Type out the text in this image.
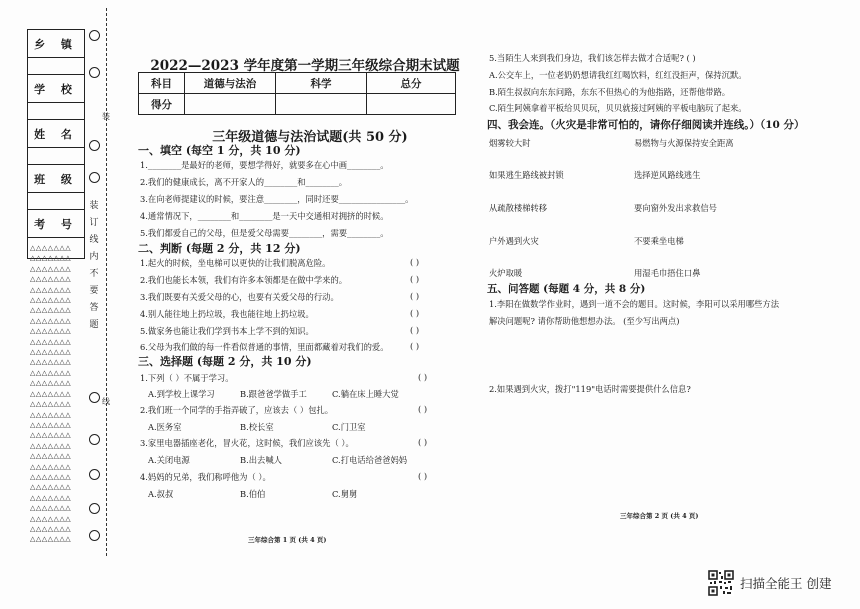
乡 镇
学 校
姓 名
班 级
考 号
△△△△△△△
△△△△△△△
△△△△△△△
△△△△△△△
△△△△△△△
△△△△△△△
△△△△△△△
△△△△△△△
△△△△△△△
△△△△△△△
△△△△△△△
△△△△△△△
△△△△△△△
△△△△△△△
△△△△△△△
△△△△△△△
△△△△△△△
△△△△△△△
△△△△△△△
△△△△△△△
△△△△△△△
△△△△△△△
△△△△△△△
△△△△△△△
△△△△△△△
△△△△△△△
△△△△△△△
△△△△△△△
△△△△△△△
装
线
装
订
线
内
不
要
答
题
2022—2023 学年度第一学期三年级综合期末试题
科目	道德与法治	科学	总分
得分			
三年级道德与法治试题(共 50 分)
一、填空 (每空 1 分，共 10 分)
1.________是最好的老师，要想学得好，就要多在心中画________。
2.我们的健康成长，离不开家人的________和________。
3.在向老师提建议的时候，要注意________，同时还要________________。
4.通常情况下，________和________是一天中交通相对拥挤的时候。
5.我们都爱自己的父母，但是爱父母需要________，需要________。
二、判断 (每题 2 分，共 12 分)
1.起火的时候，坐电梯可以更快的让我们脱离危险。	( )
2.我们也能长本领，我们有许多本领都是在做中学来的。	( )
3.我们既要有关爱父母的心，也要有关爱父母的行动。	( )
4.别人能往地上扔垃圾，我也能往地上扔垃圾。	( )
5.做家务也能让我们学到书本上学不到的知识。	( )
6.父母为我们做的每一件看似普通的事情，里面都藏着对我们的爱。	( )
三、选择题 (每题 2 分，共 10 分)
1.下列（ ）不属于学习。	( )
A.到学校上课学习	B.跟爸爸学做手工	C.躺在床上睡大觉
2.我们班一个同学的手指弄破了，应该去（ ）包扎。	( )
A.医务室	B.校长室	C.门卫室
3.家里电器插座老化，冒火花，这时候，我们应该先（ ）。	( )
A.关闭电源	B.出去喊人	C.打电话给爸爸妈妈
4.妈妈的兄弟，我们称呼他为（ ）。	( )
A.叔叔	B.伯伯	C.舅舅
三年综合第 1 页 (共 4 页)
5.当陌生人来到我们身边，我们该怎样去做才合适呢? ( )
A.公交车上，一位老奶奶想请我红红喝饮料，红红没拒声，保持沉默。
B.陌生叔叔向东东问路，东东不但热心的为他指路，还帮他带路。
C.陌生阿姨拿着平板给贝贝玩，贝贝就接过阿姨的平板电脑玩了起来。
四、我会连。（火灾是非常可怕的，请你仔细阅读并连线。）（10 分）
烟雾较大时	易燃物与火源保持安全距离
如果逃生路线被封锁	选择逆风路线逃生
从疏散楼梯转移	要向窗外发出求救信号
户外遇到火灾	不要乘坐电梯
火炉取暖	用湿毛巾捂住口鼻
五、问答题 (每题 4 分，共 8 分)
1.李阳在做数学作业时，遇到一道不会的题目。这时候，李阳可以采用哪些方法
解决问题呢? 请你帮助他想想办法。 (至少写出两点)
2.如果遇到火灾，拨打"119"电话时需要提供什么信息?
三年综合第 2 页 (共 4 页)
扫描全能王 创建
